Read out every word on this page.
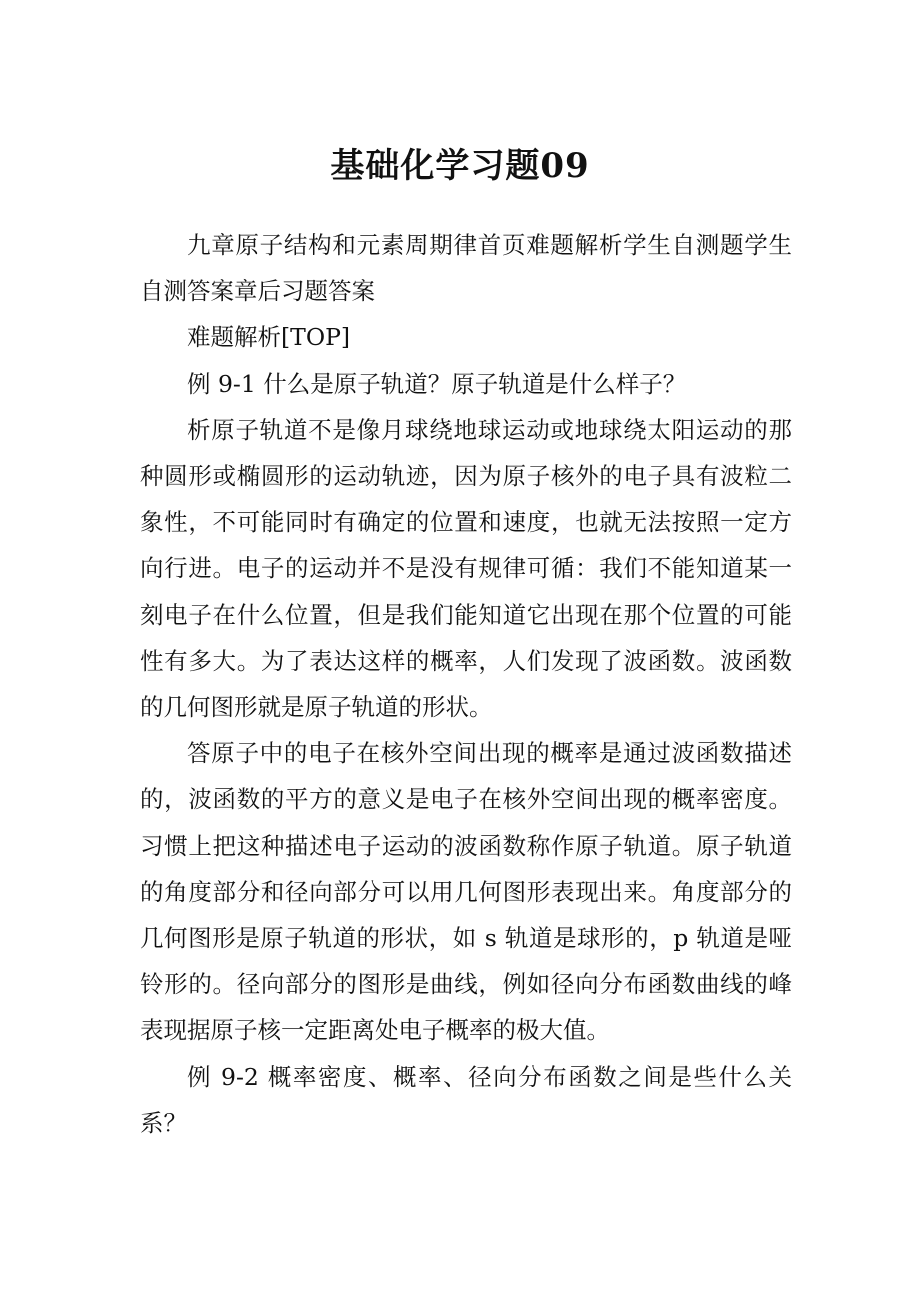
基础化学习题09

九章原子结构和元素周期律首页难题解析学生自测题学生自测答案章后习题答案

难题解析[TOP]

例 9-1 什么是原子轨道？原子轨道是什么样子？

析原子轨道不是像月球绕地球运动或地球绕太阳运动的那种圆形或椭圆形的运动轨迹，因为原子核外的电子具有波粒二象性，不可能同时有确定的位置和速度，也就无法按照一定方向行进。电子的运动并不是没有规律可循：我们不能知道某一刻电子在什么位置，但是我们能知道它出现在那个位置的可能性有多大。为了表达这样的概率，人们发现了波函数。波函数的几何图形就是原子轨道的形状。

答原子中的电子在核外空间出现的概率是通过波函数描述的，波函数的平方的意义是电子在核外空间出现的概率密度。习惯上把这种描述电子运动的波函数称作原子轨道。原子轨道的角度部分和径向部分可以用几何图形表现出来。角度部分的几何图形是原子轨道的形状，如 s 轨道是球形的，p 轨道是哑铃形的。径向部分的图形是曲线，例如径向分布函数曲线的峰表现据原子核一定距离处电子概率的极大值。

例 9-2 概率密度、概率、径向分布函数之间是些什么关系？
